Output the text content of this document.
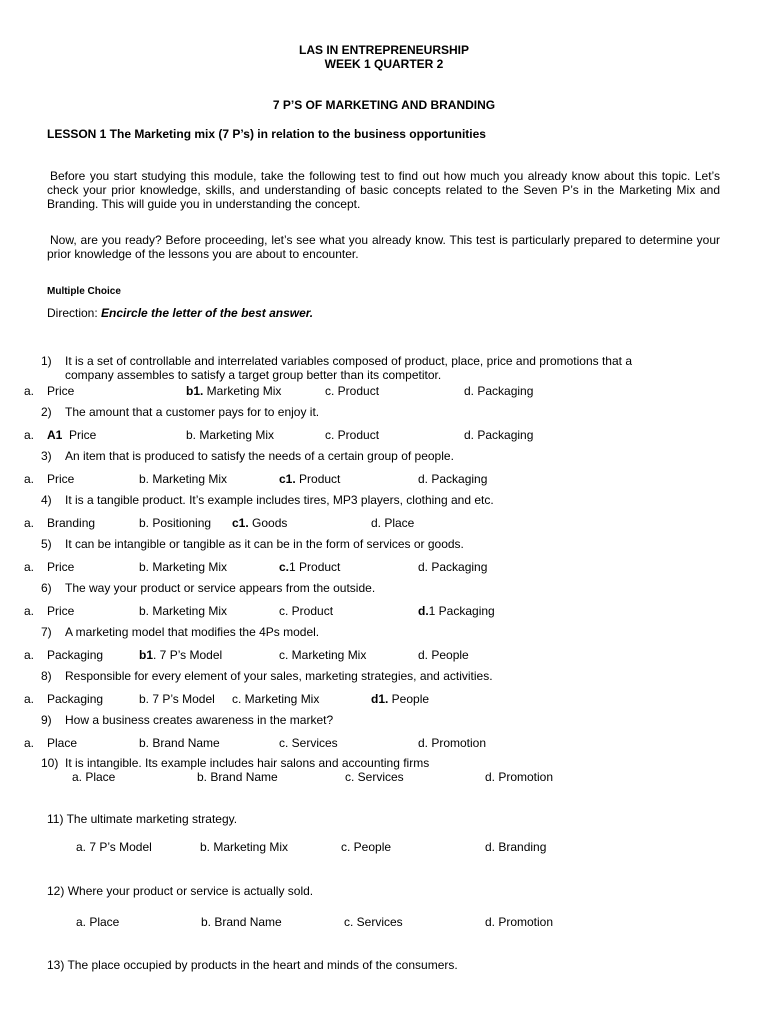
LAS IN ENTREPRENEURSHIP
WEEK 1 QUARTER 2
7 P’S OF MARKETING AND BRANDING
LESSON 1 The Marketing mix (7 P’s) in relation to the business opportunities
Before you start studying this module, take the following test to find out how much you already know about this topic. Let’s check your prior knowledge, skills, and understanding of basic concepts related to the Seven P’s in the Marketing Mix and Branding. This will guide you in understanding the concept.
Now, are you ready? Before proceeding, let’s see what you already know. This test is particularly prepared to determine your prior knowledge of the lessons you are about to encounter.
Multiple Choice
Direction: Encircle the letter of the best answer.
1) It is a set of controllable and interrelated variables composed of product, place, price and promotions that a
company assembles to satisfy a target group better than its competitor.
2) The amount that a customer pays for to enjoy it.
3) An item that is produced to satisfy the needs of a certain group of people.
4) It is a tangible product. It’s example includes tires, MP3 players, clothing and etc.
5) It can be intangible or tangible as it can be in the form of services or goods.
6) The way your product or service appears from the outside.
7) A marketing model that modifies the 4Ps model.
8) Responsible for every element of your sales, marketing strategies, and activities.
9) How a business creates awareness in the market?
10) It is intangible. Its example includes hair salons and accounting firms
11) The ultimate marketing strategy.
12) Where your product or service is actually sold.
13) The place occupied by products in the heart and minds of the consumers.
a. Price	b1. Marketing Mix	c. Product	d. Packaging
a. A1  Price	b. Marketing Mix	c. Product	d. Packaging
a. Price	b. Marketing Mix	c1. Product	d. Packaging
a. Branding	b. Positioning c1. Goods	d. Place
a. Price	b. Marketing Mix	c.1 Product	d. Packaging
a. Price	b. Marketing Mix	c. Product	d.1 Packaging
a. Packaging	b1. 7 P’s Model	c. Marketing Mix	d. People
a. Packaging	b. 7 P’s Model c. Marketing Mix	d1. People
a. Place	b. Brand Name	c. Services	d. Promotion
a. Place	b. Brand Name	c. Services	d. Promotion
a. 7 P’s Model	b. Marketing Mix	c. People	d. Branding
a. Place	b. Brand Name	c. Services	d. Promotion
